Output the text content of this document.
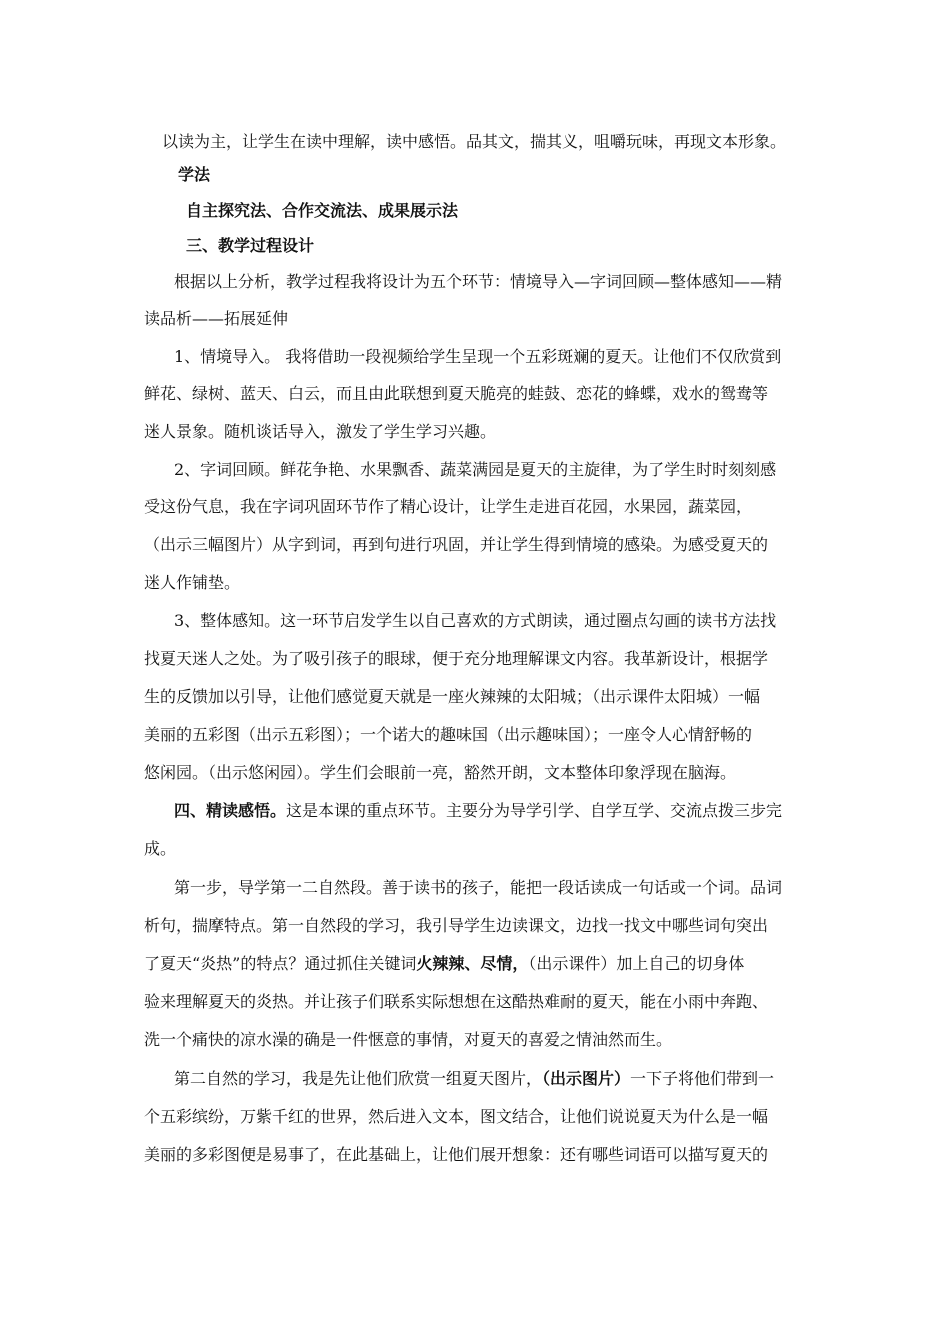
以读为主，让学生在读中理解，读中感悟。品其文，揣其义，咀嚼玩味，再现文本形象。
学法
自主探究法、合作交流法、成果展示法
三、教学过程设计
根据以上分析，教学过程我将设计为五个环节：情境导入—字词回顾—整体感知——精
读品析——拓展延伸
1、情境导入。 我将借助一段视频给学生呈现一个五彩斑斓的夏天。让他们不仅欣赏到
鲜花、绿树、蓝天、白云，而且由此联想到夏天脆亮的蛙鼓、恋花的蜂蝶，戏水的鸳鸯等
迷人景象。随机谈话导入，激发了学生学习兴趣。
2、字词回顾。鲜花争艳、水果飘香、蔬菜满园是夏天的主旋律，为了学生时时刻刻感
受这份气息，我在字词巩固环节作了精心设计，让学生走进百花园，水果园，蔬菜园，
（出示三幅图片）从字到词，再到句进行巩固，并让学生得到情境的感染。为感受夏天的
迷人作铺垫。
3、整体感知。这一环节启发学生以自己喜欢的方式朗读，通过圈点勾画的读书方法找
找夏天迷人之处。为了吸引孩子的眼球，便于充分地理解课文内容。我革新设计，根据学
生的反馈加以引导，让他们感觉夏天就是一座火辣辣的太阳城；（出示课件太阳城）一幅
美丽的五彩图（出示五彩图）；一个诺大的趣味国（出示趣味国）；一座令人心情舒畅的
悠闲园。（出示悠闲园）。学生们会眼前一亮，豁然开朗，文本整体印象浮现在脑海。
四、精读感悟。这是本课的重点环节。主要分为导学引学、自学互学、交流点拨三步完
成。
第一步，导学第一二自然段。善于读书的孩子，能把一段话读成一句话或一个词。品词
析句，揣摩特点。第一自然段的学习，我引导学生边读课文，边找一找文中哪些词句突出
了夏天“炎热”的特点？通过抓住关键词火辣辣、尽情，（出示课件）加上自己的切身体
验来理解夏天的炎热。并让孩子们联系实际想想在这酷热难耐的夏天，能在小雨中奔跑、
洗一个痛快的凉水澡的确是一件惬意的事情，对夏天的喜爱之情油然而生。
第二自然的学习，我是先让他们欣赏一组夏天图片，（出示图片）一下子将他们带到一
个五彩缤纷，万紫千红的世界，然后进入文本，图文结合，让他们说说夏天为什么是一幅
美丽的多彩图便是易事了，在此基础上，让他们展开想象：还有哪些词语可以描写夏天的
